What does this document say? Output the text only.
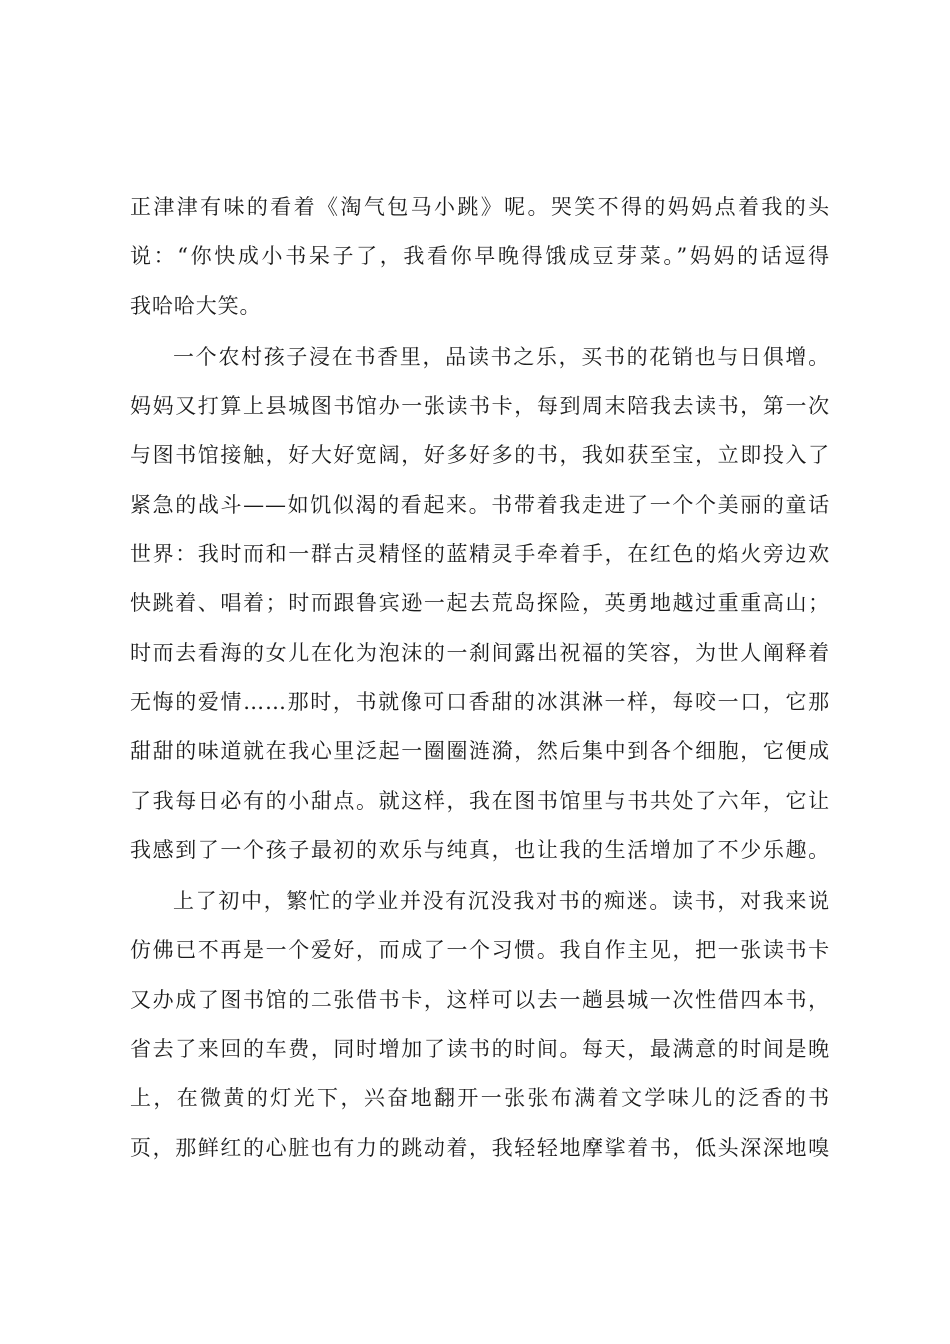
正津津有味的看着《淘气包马小跳》呢。哭笑不得的妈妈点着我的头
说：“你快成小书呆子了，我看你早晚得饿成豆芽菜。”妈妈的话逗得
我哈哈大笑。
一个农村孩子浸在书香里，品读书之乐，买书的花销也与日俱增。
妈妈又打算上县城图书馆办一张读书卡，每到周末陪我去读书，第一次
与图书馆接触，好大好宽阔，好多好多的书，我如获至宝，立即投入了
紧急的战斗——如饥似渴的看起来。书带着我走进了一个个美丽的童话
世界：我时而和一群古灵精怪的蓝精灵手牵着手，在红色的焰火旁边欢
快跳着、唱着；时而跟鲁宾逊一起去荒岛探险，英勇地越过重重高山；
时而去看海的女儿在化为泡沫的一刹间露出祝福的笑容，为世人阐释着
无悔的爱情……那时，书就像可口香甜的冰淇淋一样，每咬一口，它那
甜甜的味道就在我心里泛起一圈圈涟漪，然后集中到各个细胞，它便成
了我每日必有的小甜点。就这样，我在图书馆里与书共处了六年，它让
我感到了一个孩子最初的欢乐与纯真，也让我的生活增加了不少乐趣。
上了初中，繁忙的学业并没有沉没我对书的痴迷。读书，对我来说
仿佛已不再是一个爱好，而成了一个习惯。我自作主见，把一张读书卡
又办成了图书馆的二张借书卡，这样可以去一趟县城一次性借四本书，
省去了来回的车费，同时增加了读书的时间。每天，最满意的时间是晚
上，在微黄的灯光下，兴奋地翻开一张张布满着文学味儿的泛香的书
页，那鲜红的心脏也有力的跳动着，我轻轻地摩挲着书，低头深深地嗅
